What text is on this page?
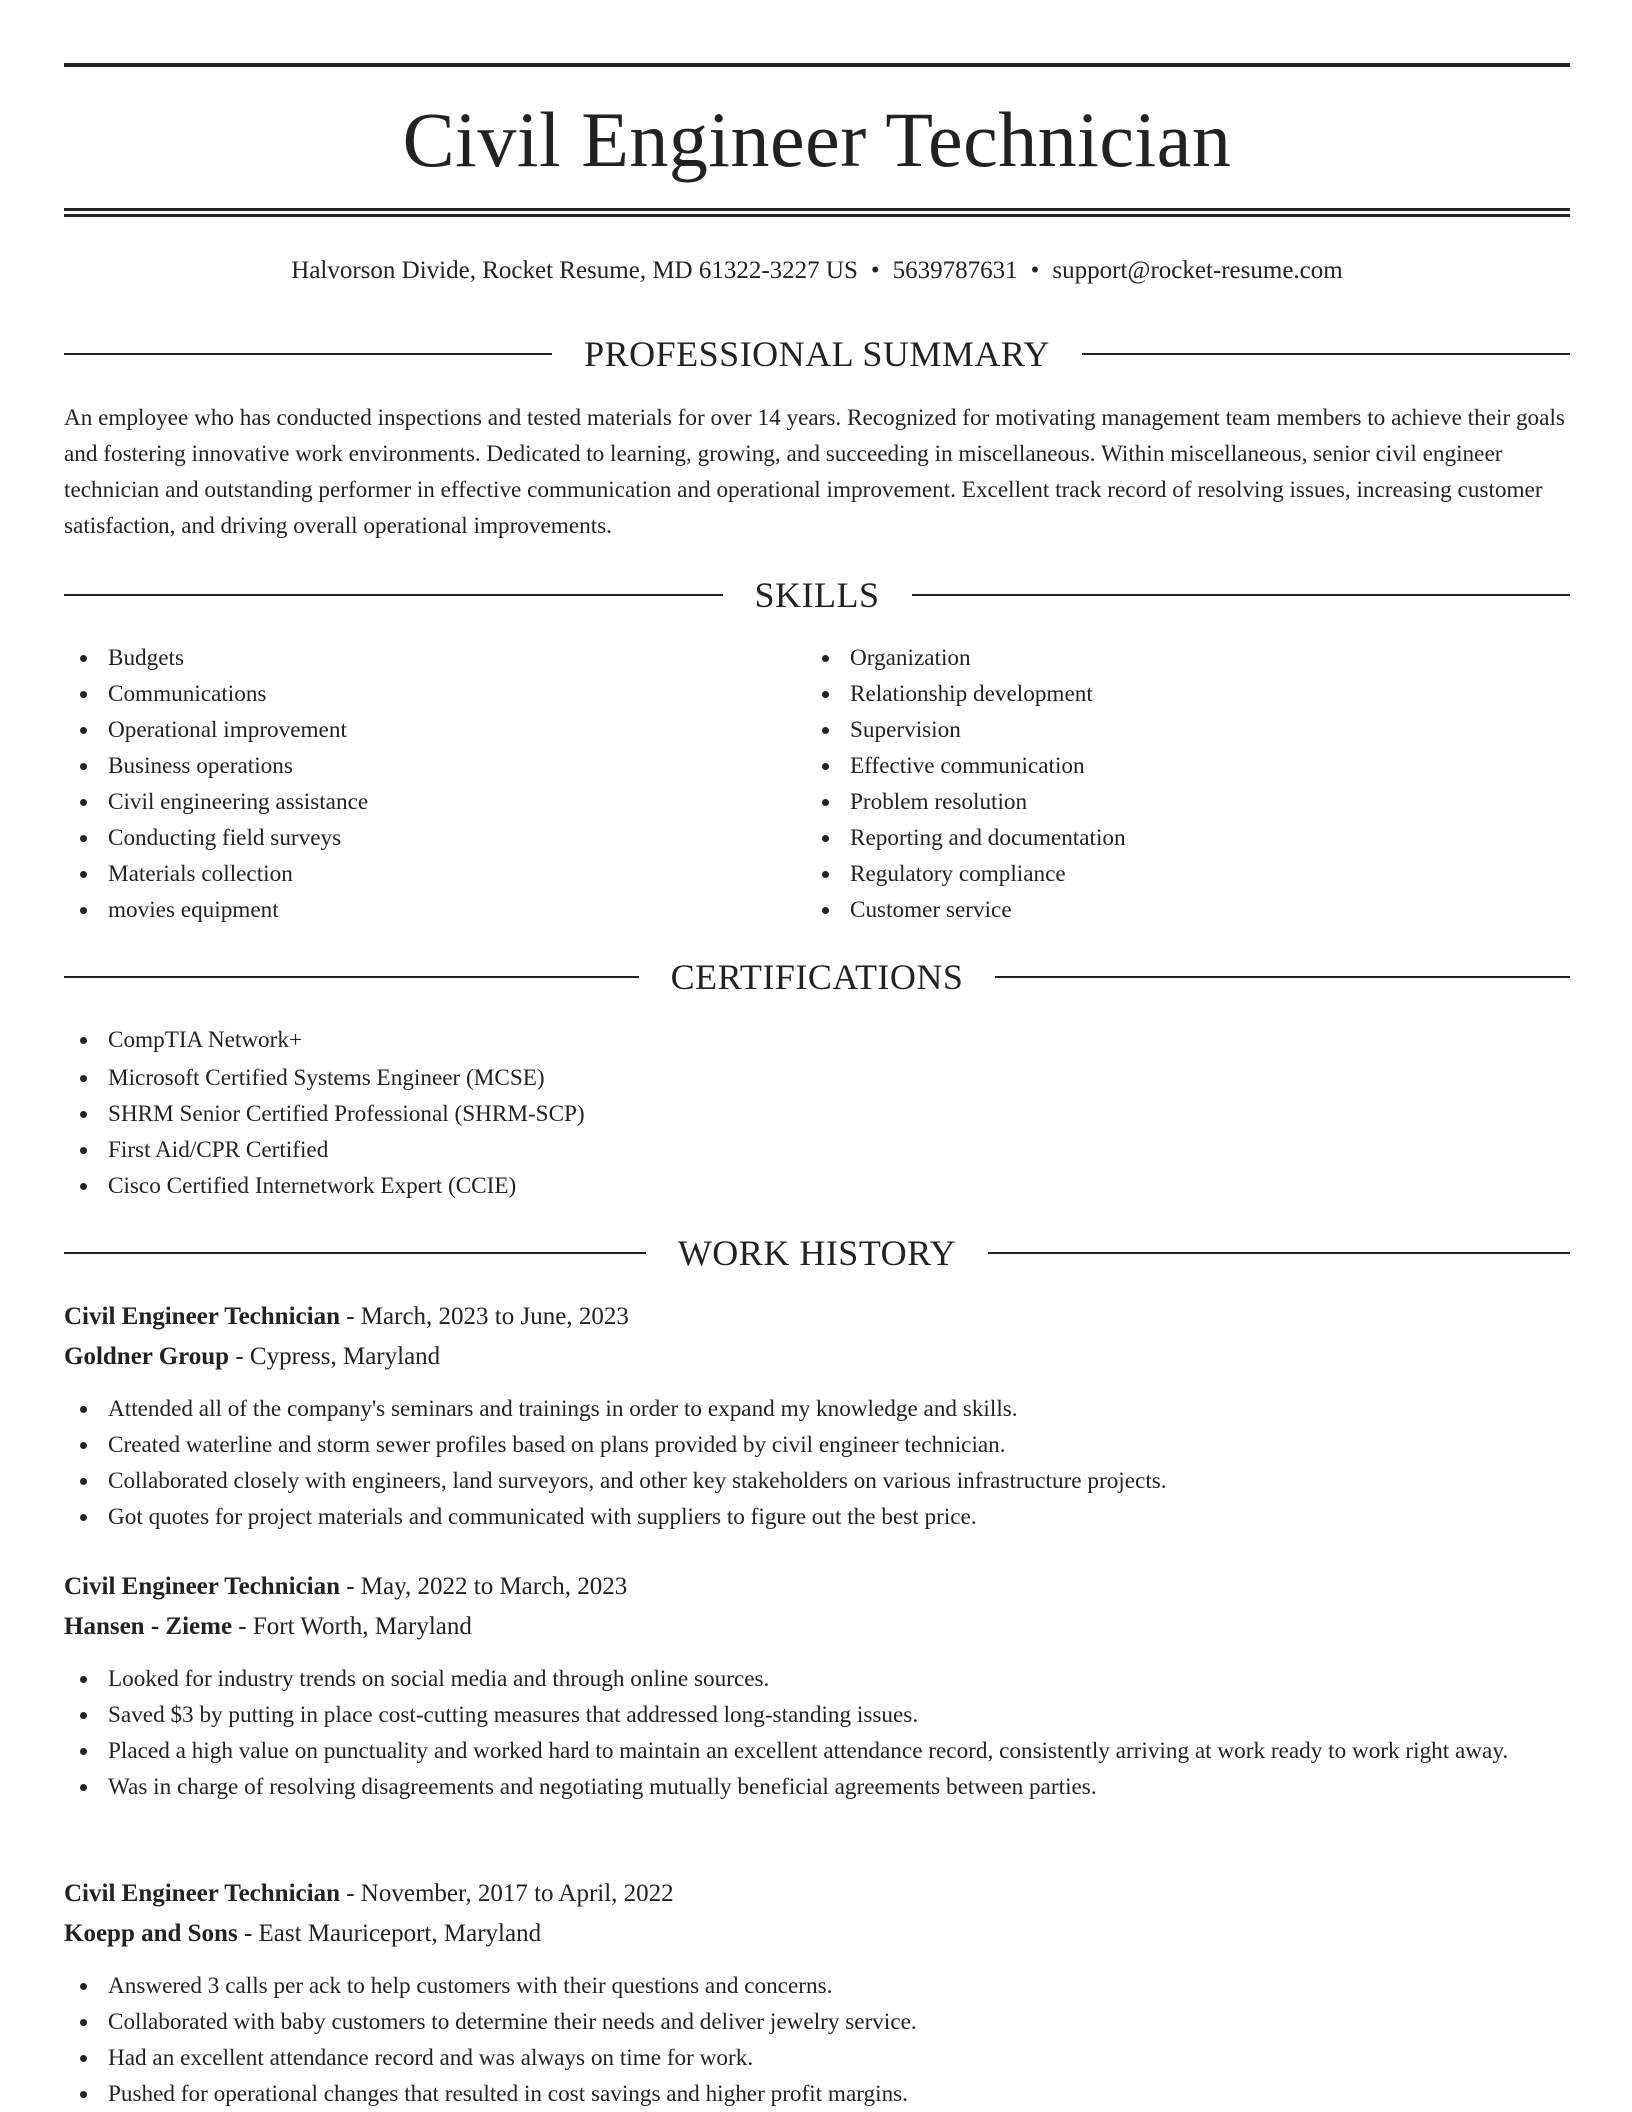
Civil Engineer Technician
Halvorson Divide, Rocket Resume, MD 61322-3227 US • 5639787631 • support@rocket-resume.com
PROFESSIONAL SUMMARY

An employee who has conducted inspections and tested materials for over 14 years. Recognized for motivating management team members to achieve their goals and fostering innovative work environments. Dedicated to learning, growing, and succeeding in miscellaneous. Within miscellaneous, senior civil engineer technician and outstanding performer in effective communication and operational improvement. Excellent track record of resolving issues, increasing customer satisfaction, and driving overall operational improvements.

SKILLS
Budgets
Communications
Operational improvement
Business operations
Civil engineering assistance
Conducting field surveys
Materials collection
movies equipment
Organization
Relationship development
Supervision
Effective communication
Problem resolution
Reporting and documentation
Regulatory compliance
Customer service
CERTIFICATIONS
CompTIA Network+
Microsoft Certified Systems Engineer (MCSE)
SHRM Senior Certified Professional (SHRM-SCP)
First Aid/CPR Certified
Cisco Certified Internetwork Expert (CCIE)
WORK HISTORY
Civil Engineer Technician - March, 2023 to June, 2023
Goldner Group - Cypress, Maryland
Attended all of the company's seminars and trainings in order to expand my knowledge and skills.
Created waterline and storm sewer profiles based on plans provided by civil engineer technician.
Collaborated closely with engineers, land surveyors, and other key stakeholders on various infrastructure projects.
Got quotes for project materials and communicated with suppliers to figure out the best price.
Civil Engineer Technician - May, 2022 to March, 2023
Hansen - Zieme - Fort Worth, Maryland
Looked for industry trends on social media and through online sources.
Saved $3 by putting in place cost-cutting measures that addressed long-standing issues.
Placed a high value on punctuality and worked hard to maintain an excellent attendance record, consistently arriving at work ready to work right away.
Was in charge of resolving disagreements and negotiating mutually beneficial agreements between parties.
Civil Engineer Technician - November, 2017 to April, 2022
Koepp and Sons - East Mauriceport, Maryland
Answered 3 calls per ack to help customers with their questions and concerns.
Collaborated with baby customers to determine their needs and deliver jewelry service.
Had an excellent attendance record and was always on time for work.
Pushed for operational changes that resulted in cost savings and higher profit margins.
